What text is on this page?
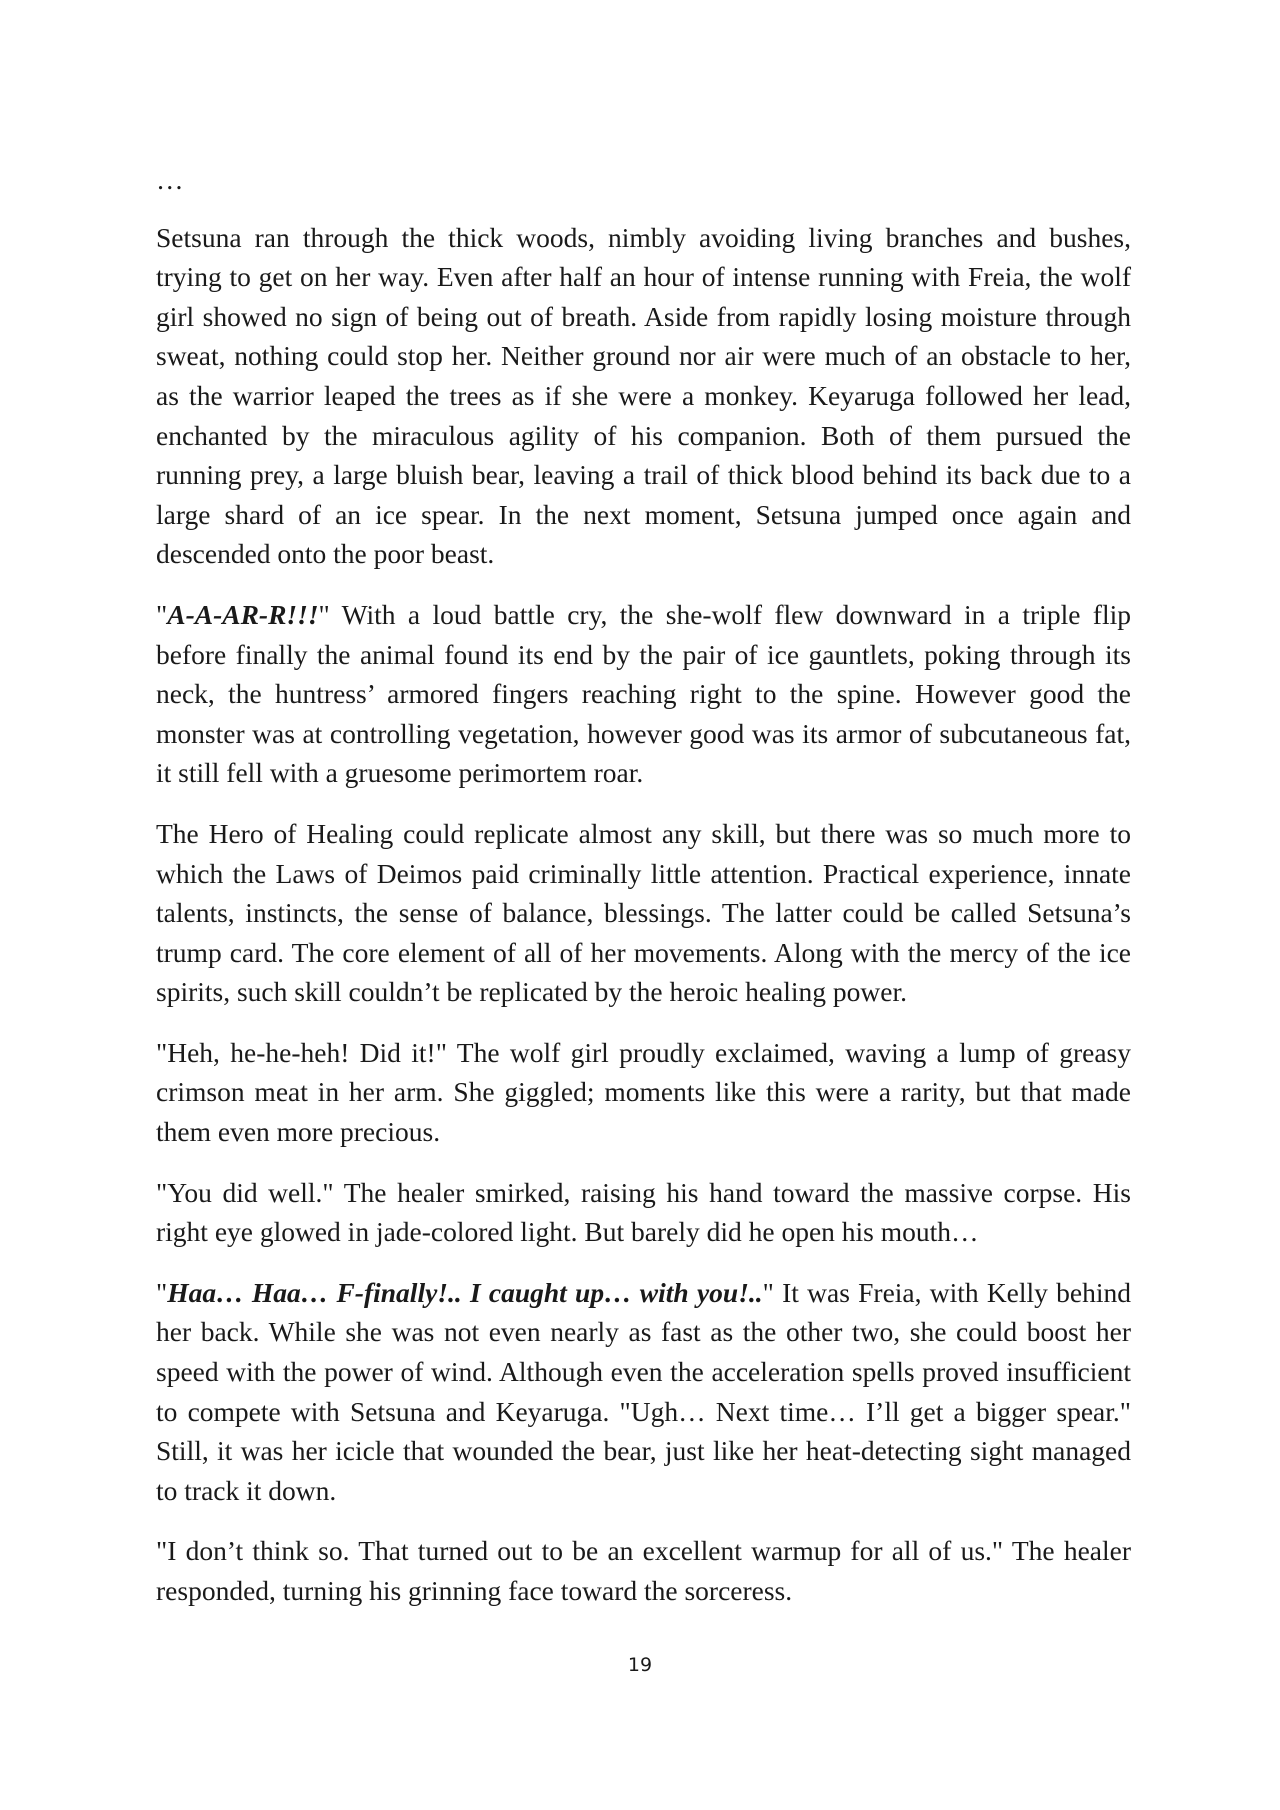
…

Setsuna ran through the thick woods, nimbly avoiding living branches and bushes, trying to get on her way. Even after half an hour of intense running with Freia, the wolf girl showed no sign of being out of breath. Aside from rapidly losing moisture through sweat, nothing could stop her. Neither ground nor air were much of an obstacle to her, as the warrior leaped the trees as if she were a monkey. Keyaruga followed her lead, enchanted by the miraculous agility of his companion. Both of them pursued the running prey, a large bluish bear, leaving a trail of thick blood behind its back due to a large shard of an ice spear. In the next moment, Setsuna jumped once again and descended onto the poor beast.

"A-A-AR-R!!!" With a loud battle cry, the she-wolf flew downward in a triple flip before finally the animal found its end by the pair of ice gauntlets, poking through its neck, the huntress’ armored fingers reaching right to the spine. However good the monster was at controlling vegetation, however good was its armor of subcutaneous fat, it still fell with a gruesome perimortem roar.

The Hero of Healing could replicate almost any skill, but there was so much more to which the Laws of Deimos paid criminally little attention. Practical experience, innate talents, instincts, the sense of balance, blessings. The latter could be called Setsuna’s trump card. The core element of all of her movements. Along with the mercy of the ice spirits, such skill couldn’t be replicated by the heroic healing power.

"Heh, he-he-heh! Did it!" The wolf girl proudly exclaimed, waving a lump of greasy crimson meat in her arm. She giggled; moments like this were a rarity, but that made them even more precious.

"You did well." The healer smirked, raising his hand toward the massive corpse. His right eye glowed in jade-colored light. But barely did he open his mouth…

"Haa… Haa… F-finally!.. I caught up… with you!.." It was Freia, with Kelly behind her back. While she was not even nearly as fast as the other two, she could boost her speed with the power of wind. Although even the acceleration spells proved insufficient to compete with Setsuna and Keyaruga. "Ugh… Next time… I’ll get a bigger spear." Still, it was her icicle that wounded the bear, just like her heat-detecting sight managed to track it down.

"I don’t think so. That turned out to be an excellent warmup for all of us." The healer responded, turning his grinning face toward the sorceress.

19
